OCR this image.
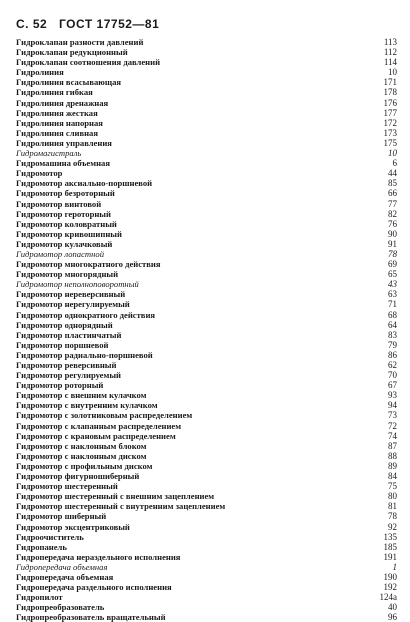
С. 52 ГОСТ 17752—81
Гидроклапан разности давлений	113
Гидроклапан редукционный	112
Гидроклапан соотношения давлений	114
Гидролиния	10
Гидролиния всасывающая	171
Гидролиния гибкая	178
Гидролиния дренажная	176
Гидролиния жесткая	177
Гидролиния напорная	172
Гидролиния сливная	173
Гидролиния управления	175
Гидромагистраль	10
Гидромашина объемная	6
Гидромотор	44
Гидромотор аксиально-поршневой	85
Гидромотор безроторный	66
Гидромотор винтовой	77
Гидромотор героторный	82
Гидромотор коловратный	76
Гидромотор кривошипный	90
Гидромотор кулачковый	91
Гидромотор лопастной	78
Гидромотор многократного действия	69
Гидромотор многорядный	65
Гидромотор неполноповоротный	43
Гидромотор нереверсивный	63
Гидромотор нерегулируемый	71
Гидромотор однократного действия	68
Гидромотор однорядный	64
Гидромотор пластинчатый	83
Гидромотор поршневой	79
Гидромотор радиально-поршневой	86
Гидромотор реверсивный	62
Гидромотор регулируемый	70
Гидромотор роторный	67
Гидромотор с внешним кулачком	93
Гидромотор с внутренним кулачком	94
Гидромотор с золотниковым распределением	73
Гидромотор с клапанным распределением	72
Гидромотор с крановым распределением	74
Гидромотор с наклонным блоком	87
Гидромотор с наклонным диском	88
Гидромотор с профильным диском	89
Гидромотор фигурношиберный	84
Гидромотор шестеренный	75
Гидромотор шестеренный с внешним зацеплением	80
Гидромотор шестеренный с внутренним зацеплением	81
Гидромотор шиберный	78
Гидромотор эксцентриковый	92
Гидроочиститель	135
Гидропанель	185
Гидропередача нераздельного исполнения	191
Гидропередача объемная	1
Гидропередача объемная	190
Гидропередача раздельного исполнения	192
Гидропилот	124а
Гидропреобразователь	40
Гидропреобразователь вращательный	96
